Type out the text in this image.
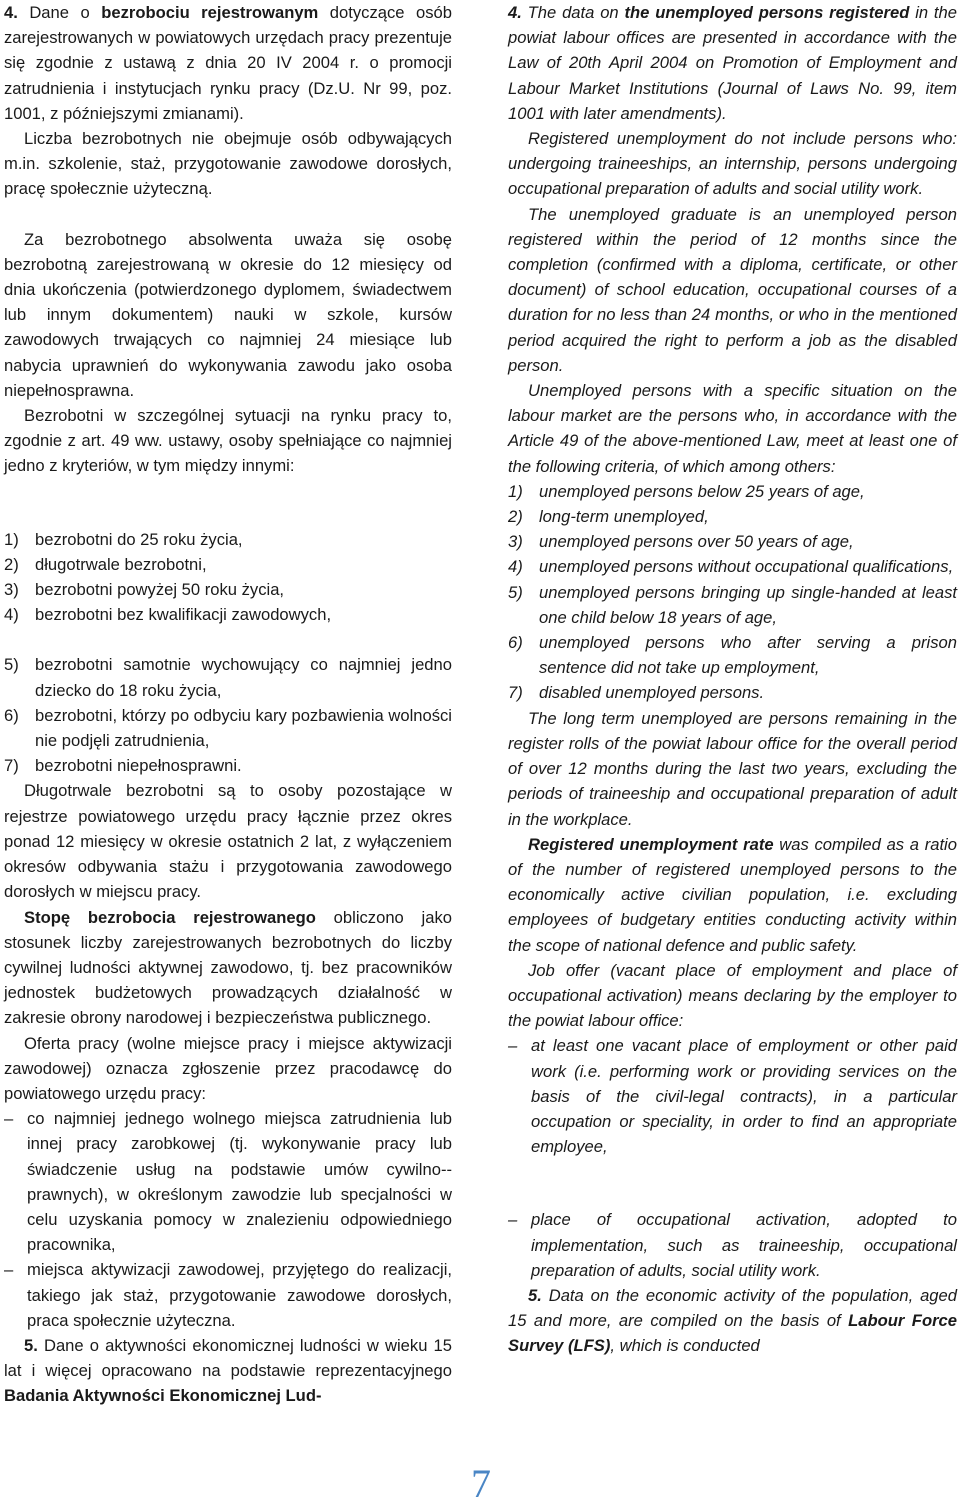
4. Dane o bezrobociu rejestrowanym dotyczące osób zarejestrowanych w powiatowych urzędach pracy prezentuje się zgodnie z ustawą z dnia 20 IV 2004 r. o promocji zatrudnienia i instytucjach rynku pracy (Dz.U. Nr 99, poz. 1001, z późniejszymi zmianami).

Liczba bezrobotnych nie obejmuje osób odbywających m.in. szkolenie, staż, przygotowanie zawodowe dorosłych, pracę społecznie użyteczną.

Za bezrobotnego absolwenta uważa się osobę bezrobotną zarejestrowaną w okresie do 12 miesięcy od dnia ukończenia (potwierdzonego dyplomem, świadectwem lub innym dokumentem) nauki w szkole, kursów zawodowych trwających co najmniej 24 miesiące lub nabycia uprawnień do wykonywania zawodu jako osoba niepełnosprawna.

Bezrobotni w szczególnej sytuacji na rynku pracy to, zgodnie z art. 49 ww. ustawy, osoby spełniające co najmniej jedno z kryteriów, w tym między innymi:

1) bezrobotni do 25 roku życia,

2) długotrwale bezrobotni,

3) bezrobotni powyżej 50 roku życia,

4) bezrobotni bez kwalifikacji zawodowych,

5) bezrobotni samotnie wychowujący co najmniej jedno dziecko do 18 roku życia,

6) bezrobotni, którzy po odbyciu kary pozbawienia wolności nie podjęli zatrudnienia,

7) bezrobotni niepełnosprawni.

Długotrwale bezrobotni są to osoby pozostające w rejestrze powiatowego urzędu pracy łącznie przez okres ponad 12 miesięcy w okresie ostatnich 2 lat, z wyłączeniem okresów odbywania stażu i przygotowania zawodowego dorosłych w miejscu pracy.

Stopę bezrobocia rejestrowanego obliczono jako stosunek liczby zarejestrowanych bezrobotnych do liczby cywilnej ludności aktywnej zawodowo, tj. bez pracowników jednostek budżetowych prowadzących działalność w zakresie obrony narodowej i bezpieczeństwa publicznego.

Oferta pracy (wolne miejsce pracy i miejsce aktywizacji zawodowej) oznacza zgłoszenie przez pracodawcę do powiatowego urzędu pracy:

– co najmniej jednego wolnego miejsca zatrudnienia lub innej pracy zarobkowej (tj. wykonywanie pracy lub świadczenie usług na podstawie umów cywilno--prawnych), w określonym zawodzie lub specjalności w celu uzyskania pomocy w znalezieniu odpowiedniego pracownika,

– miejsca aktywizacji zawodowej, przyjętego do realizacji, takiego jak staż, przygotowanie zawodowe dorosłych, praca społecznie użyteczna.

5. Dane o aktywności ekonomicznej ludności w wieku 15 lat i więcej opracowano na podstawie reprezentacyjnego Badania Aktywności Ekonomicznej Lud-

4. The data on the unemployed persons registered in the powiat labour offices are presented in accordance with the Law of 20th April 2004 on Promotion of Employment and Labour Market Institutions (Journal of Laws No. 99, item 1001 with later amendments).

Registered unemployment do not include persons who: undergoing traineeships, an internship, persons undergoing occupational preparation of adults and social utility work.

The unemployed graduate is an unemployed person registered within the period of 12 months since the completion (confirmed with a diploma, certificate, or other document) of school education, occupational courses of a duration for no less than 24 months, or who in the mentioned period acquired the right to perform a job as the disabled person.

Unemployed persons with a specific situation on the labour market are the persons who, in accordance with the Article 49 of the above-mentioned Law, meet at least one of the following criteria, of which among others:

1) unemployed persons below 25 years of age,

2) long-term unemployed,

3) unemployed persons over 50 years of age,

4) unemployed persons without occupational qualifications,

5) unemployed persons bringing up single-handed at least one child below 18 years of age,

6) unemployed persons who after serving a prison sentence did not take up employment,

7) disabled unemployed persons.

The long term unemployed are persons remaining in the register rolls of the powiat labour office for the overall period of over 12 months during the last two years, excluding the periods of traineeship and occupational preparation of adult in the workplace.

Registered unemployment rate was compiled as a ratio of the number of registered unemployed persons to the economically active civilian population, i.e. excluding employees of budgetary entities conducting activity within the scope of national defence and public safety.

Job offer (vacant place of employment and place of occupational activation) means declaring by the employer to the powiat labour office:

– at least one vacant place of employment or other paid work (i.e. performing work or providing services on the basis of the civil-legal contracts), in a particular occupation or speciality, in order to find an appropriate employee,

– place of occupational activation, adopted to implementation, such as traineeship, occupational preparation of adults, social utility work.

5. Data on the economic activity of the population, aged 15 and more, are compiled on the basis of Labour Force Survey (LFS), which is conducted

7
